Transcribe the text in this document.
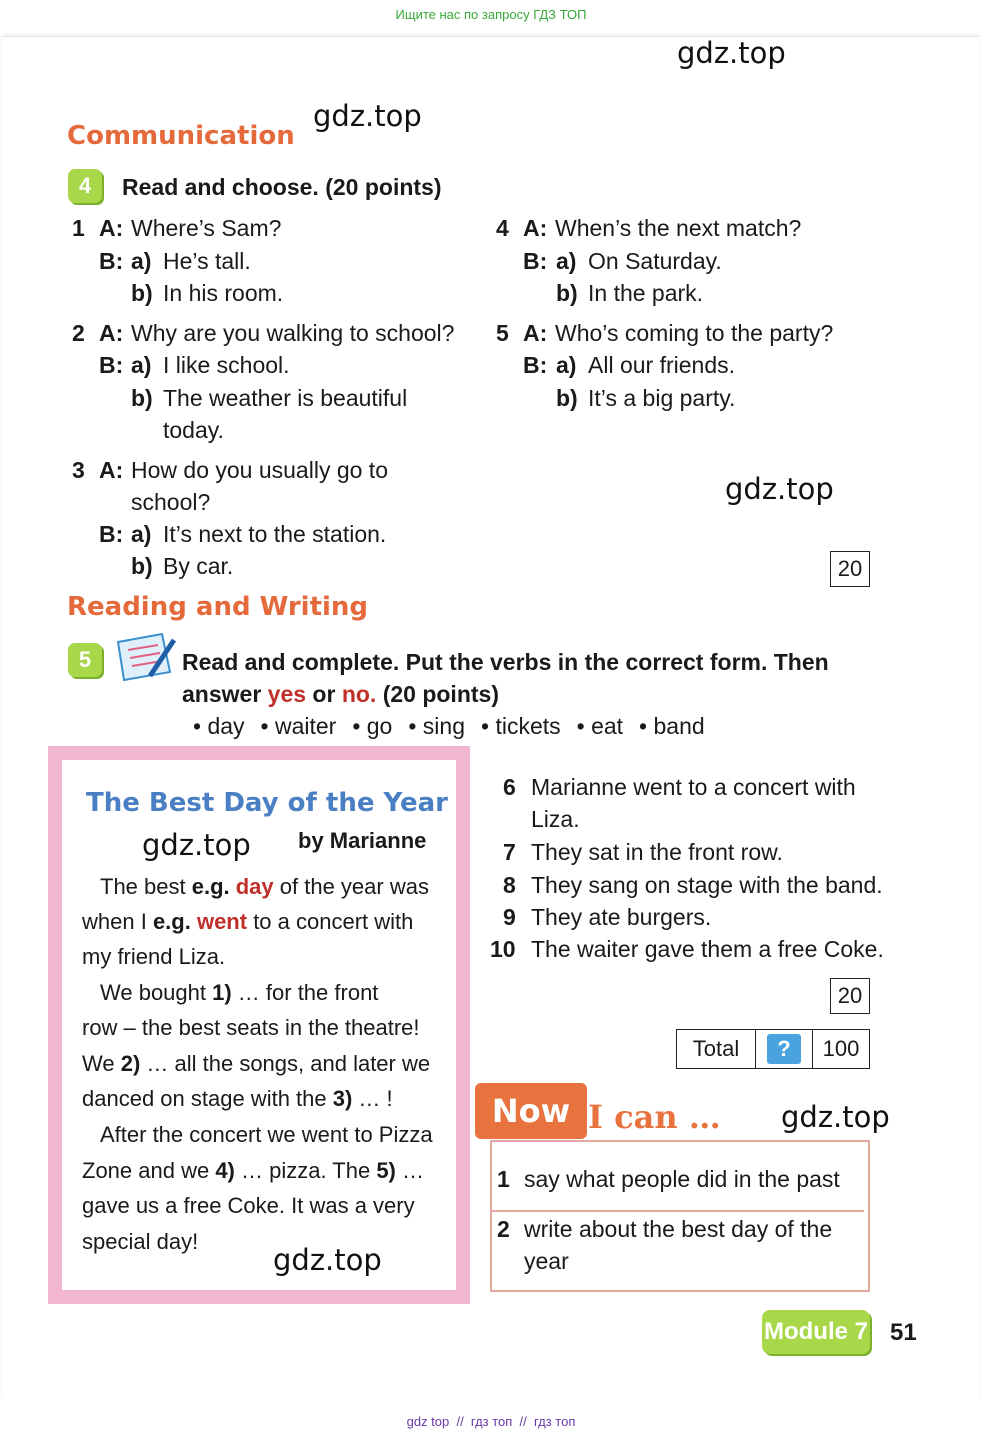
Ищите нас по запросу ГДЗ ТОП
gdz.top
gdz.top
gdz.top
gdz.top
Communication
4	Read and choose. (20 points)
1 A: Where’s Sam?
B: a) He’s tall.
b) In his room.
2 A: Why are you walking to school?
B: a) I like school.
b) The weather is beautiful
today.
3 A: How do you usually go to
school?
B: a) It’s next to the station.
b) By car.
4 A: When’s the next match?
B: a) On Saturday.
b) In the park.
5 A: Who’s coming to the party?
B: a) All our friends.
b) It’s a big party.
20
Reading and Writing
5	Read and complete. Put the verbs in the correct form. Then
answer yes or no. (20 points)
• day • waiter • go • sing • tickets • eat • band
The Best Day of the Year
gdz.top by Marianne
The best e.g. day of the year was
when I e.g. went to a concert with
my friend Liza.
We bought 1) … for the front
row – the best seats in the theatre!
We 2) … all the songs, and later we
danced on stage with the 3) … !
After the concert we went to Pizza
Zone and we 4) … pizza. The 5) …
gave us a free Coke. It was a very
special day!
gdz.top
6 Marianne went to a concert with
Liza.
7 They sat in the front row.
8 They sang on stage with the band.
9 They ate burgers.
10 The waiter gave them a free Coke.
20
Total	?	100
Now I can …
1 say what people did in the past
2 write about the best day of the
year
Module 7 51
gdz top  //  гдз топ  //  гдз топ
